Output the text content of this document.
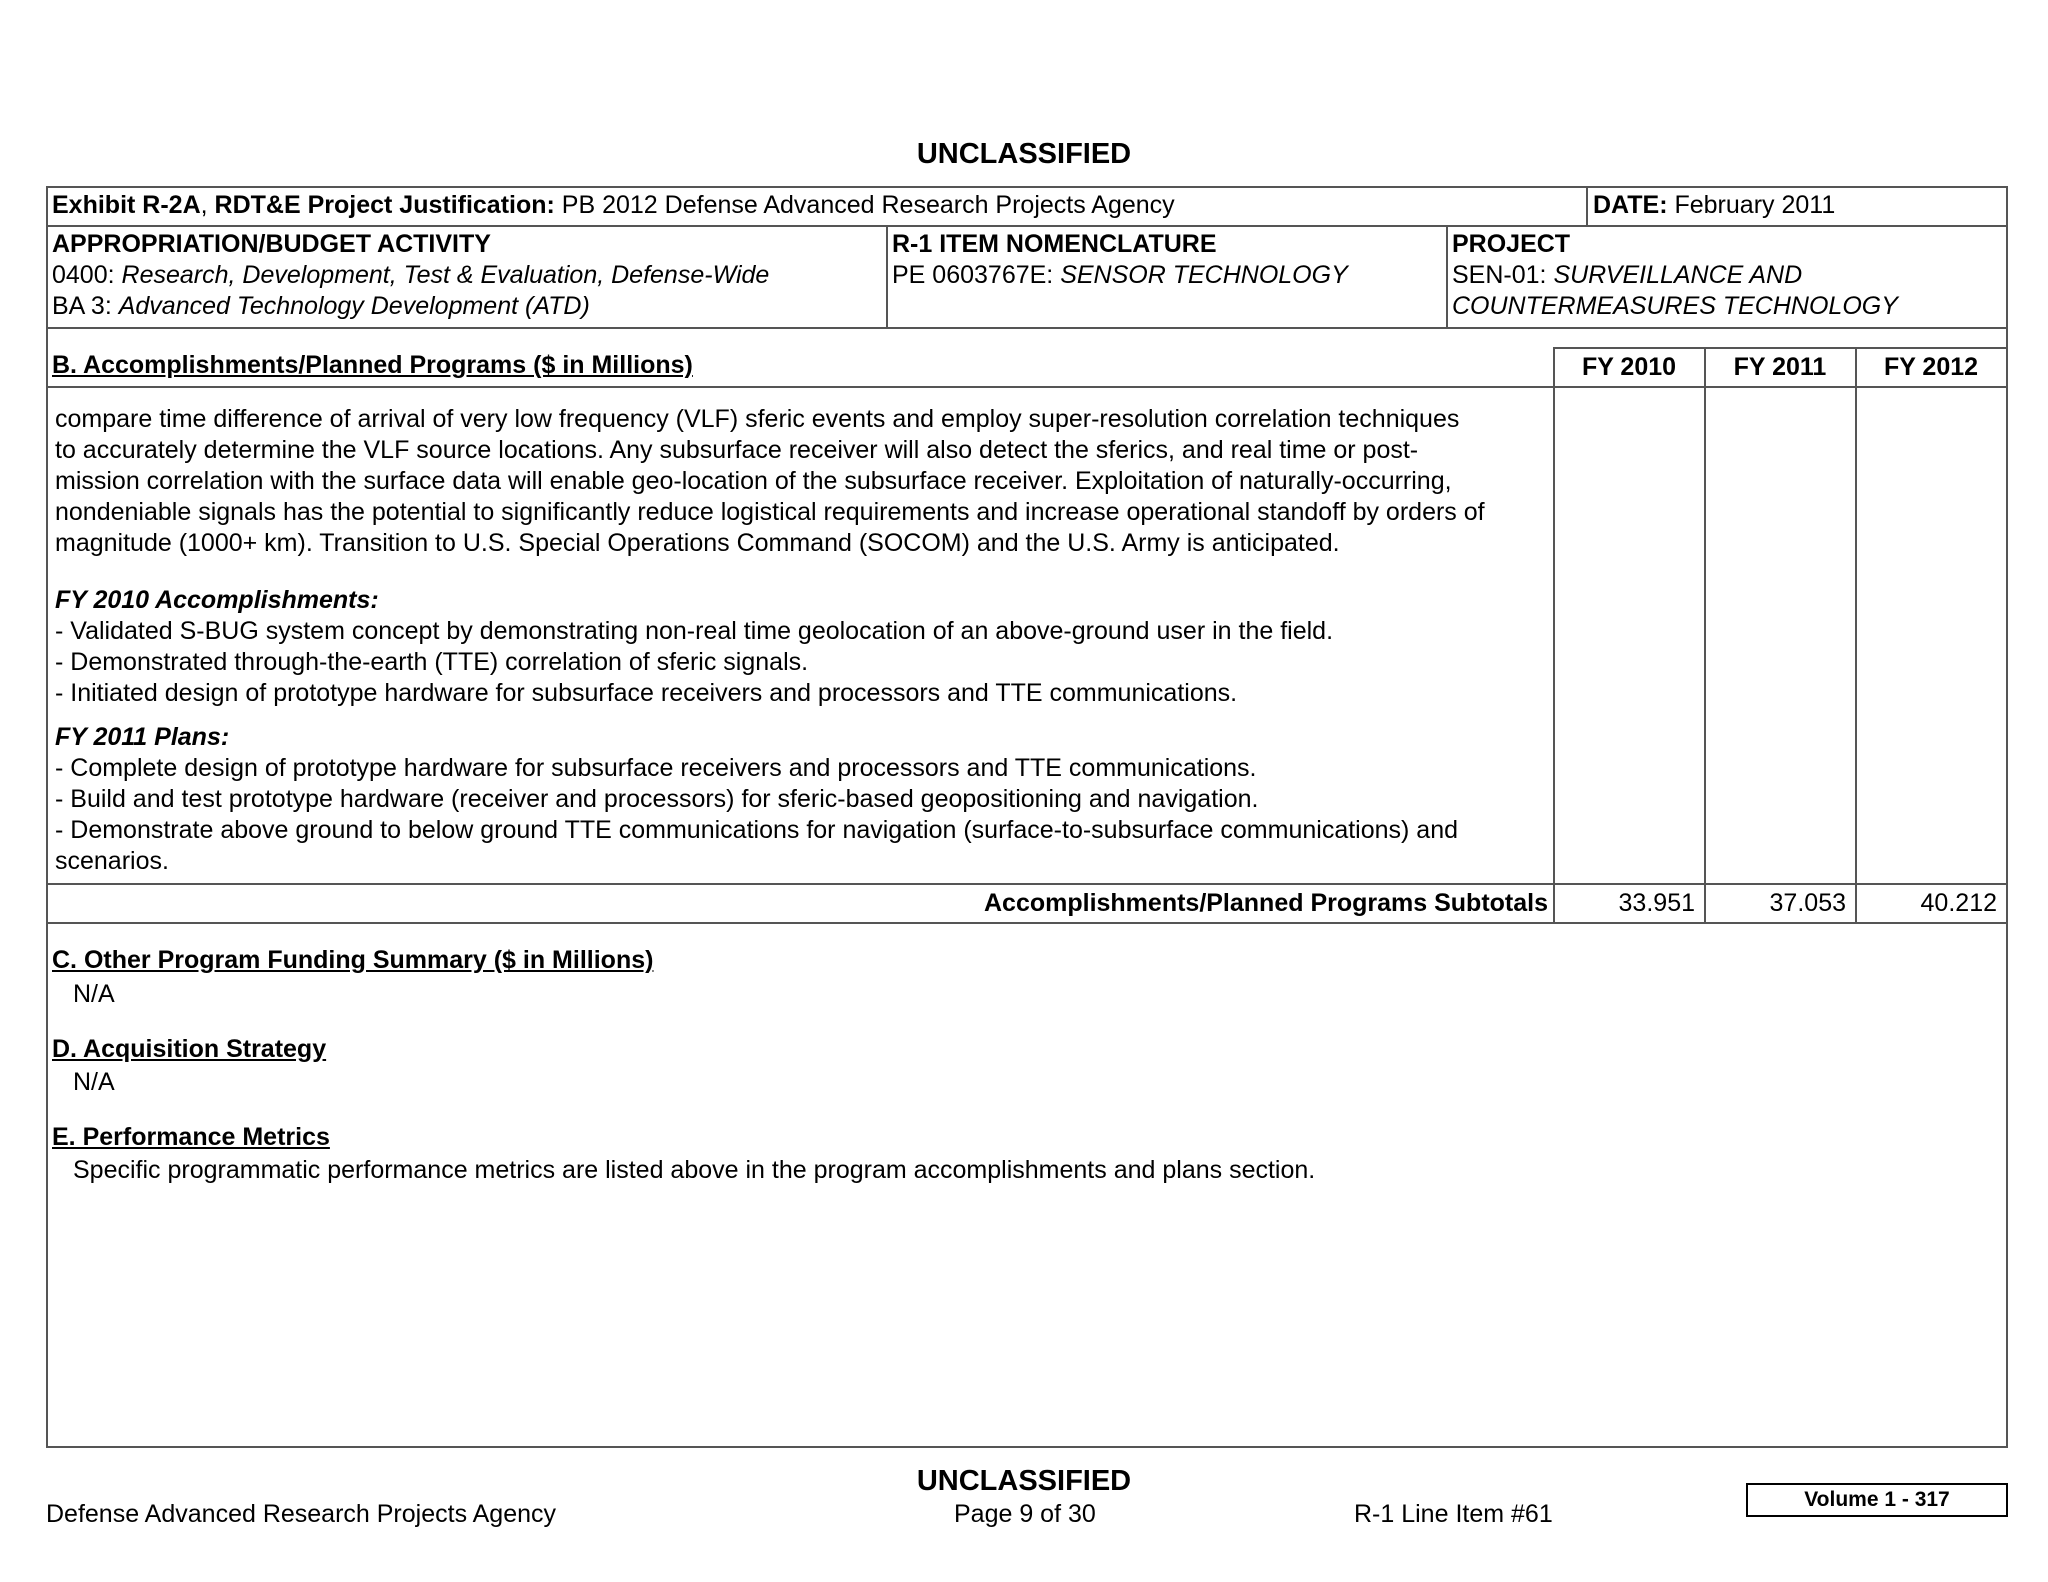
UNCLASSIFIED
Exhibit R-2A, RDT&E Project Justification: PB 2012 Defense Advanced Research Projects Agency	DATE: February 2011
APPROPRIATION/BUDGET ACTIVITY
0400: Research, Development, Test & Evaluation, Defense-Wide
BA 3: Advanced Technology Development (ATD)
R-1 ITEM NOMENCLATURE
PE 0603767E: SENSOR TECHNOLOGY
PROJECT
SEN-01: SURVEILLANCE AND
COUNTERMEASURES TECHNOLOGY
B. Accomplishments/Planned Programs ($ in Millions)	FY 2010	FY 2011	FY 2012
compare time difference of arrival of very low frequency (VLF) sferic events and employ super-resolution correlation techniques
to accurately determine the VLF source locations. Any subsurface receiver will also detect the sferics, and real time or post-
mission correlation with the surface data will enable geo-location of the subsurface receiver. Exploitation of naturally-occurring,
nondeniable signals has the potential to significantly reduce logistical requirements and increase operational standoff by orders of
magnitude (1000+ km). Transition to U.S. Special Operations Command (SOCOM) and the U.S. Army is anticipated.
FY 2010 Accomplishments:
- Validated S-BUG system concept by demonstrating non-real time geolocation of an above-ground user in the field.
- Demonstrated through-the-earth (TTE) correlation of sferic signals.
- Initiated design of prototype hardware for subsurface receivers and processors and TTE communications.
FY 2011 Plans:
- Complete design of prototype hardware for subsurface receivers and processors and TTE communications.
- Build and test prototype hardware (receiver and processors) for sferic-based geopositioning and navigation.
- Demonstrate above ground to below ground TTE communications for navigation (surface-to-subsurface communications) and
scenarios.
Accomplishments/Planned Programs Subtotals	33.951	37.053	40.212
C. Other Program Funding Summary ($ in Millions)
N/A
D. Acquisition Strategy
N/A
E. Performance Metrics
Specific programmatic performance metrics are listed above in the program accomplishments and plans section.
UNCLASSIFIED
Defense Advanced Research Projects Agency	Page 9 of 30	R-1 Line Item #61
Volume 1 - 317
